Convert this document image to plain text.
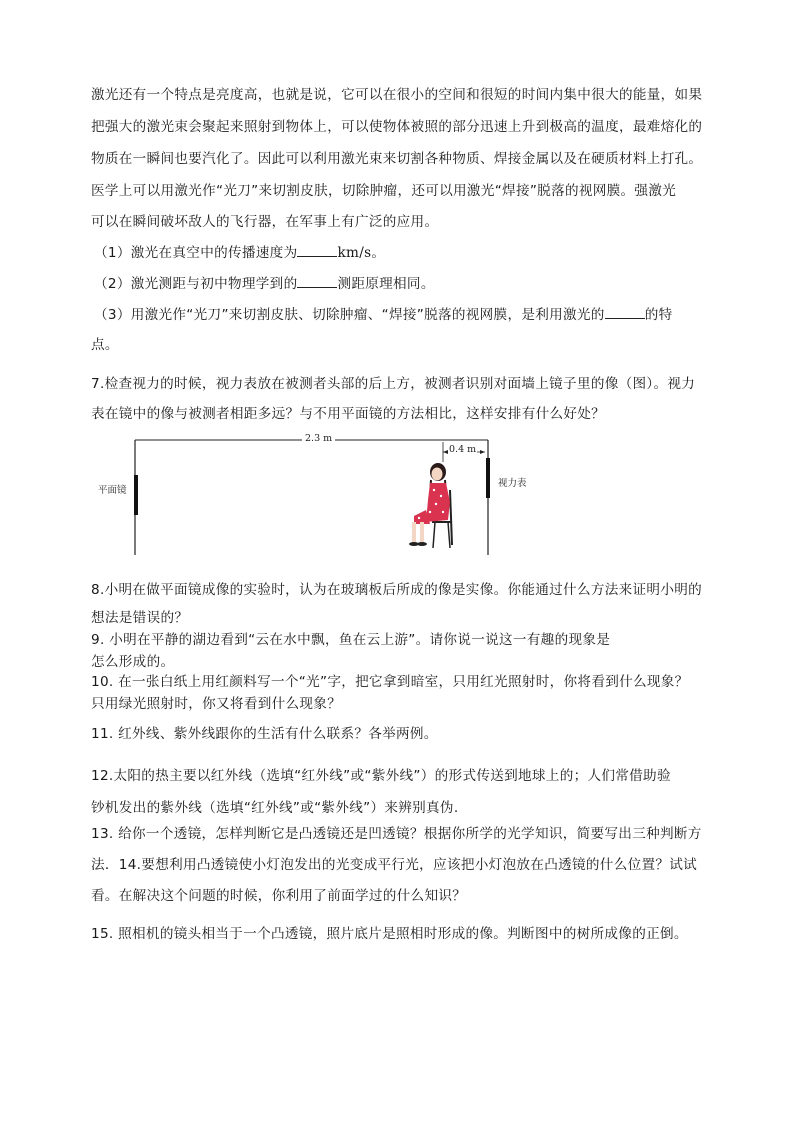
激光还有一个特点是亮度高，也就是说，它可以在很小的空间和很短的时间内集中很大的能量，如果
把强大的激光束会聚起来照射到物体上，可以使物体被照的部分迅速上升到极高的温度，最难熔化的
物质在一瞬间也要汽化了。因此可以利用激光束来切割各种物质、焊接金属以及在硬质材料上打孔。
医学上可以用激光作“光刀”来切割皮肤，切除肿瘤，还可以用激光“焊接”脱落的视网膜。强激光
可以在瞬间破坏敌人的飞行器，在军事上有广泛的应用。
（1）激光在真空中的传播速度为	km/s。
（2）激光测距与初中物理学到的	测距原理相同。
（3）用激光作“光刀”来切割皮肤、切除肿瘤、“焊接”脱落的视网膜，是利用激光的	的特
点。
7.检查视力的时候，视力表放在被测者头部的后上方，被测者识别对面墙上镜子里的像（图）。视力
表在镜中的像与被测者相距多远？与不用平面镜的方法相比，这样安排有什么好处？
2.3 m
0.4 m
平面镜
视力表
8.小明在做平面镜成像的实验时，认为在玻璃板后所成的像是实像。你能通过什么方法来证明小明的
想法是错误的？
9. 小明在平静的湖边看到“云在水中飘，鱼在云上游”。请你说一说这一有趣的现象是
怎么形成的。
10. 在一张白纸上用红颜料写一个“光”字，把它拿到暗室，只用红光照射时，你将看到什么现象？
只用绿光照射时，你又将看到什么现象？
11. 红外线、紫外线跟你的生活有什么联系？各举两例。
12.太阳的热主要以红外线（选填“红外线”或“紫外线”）的形式传送到地球上的；人们常借助验
钞机发出的紫外线（选填“红外线”或“紫外线”）来辨别真伪.
13. 给你一个透镜，怎样判断它是凸透镜还是凹透镜？根据你所学的光学知识，简要写出三种判断方
法．14.要想利用凸透镜使小灯泡发出的光变成平行光，应该把小灯泡放在凸透镜的什么位置？试试
看。在解决这个问题的时候，你利用了前面学过的什么知识？
15. 照相机的镜头相当于一个凸透镜，照片底片是照相时形成的像。判断图中的树所成像的正倒。
